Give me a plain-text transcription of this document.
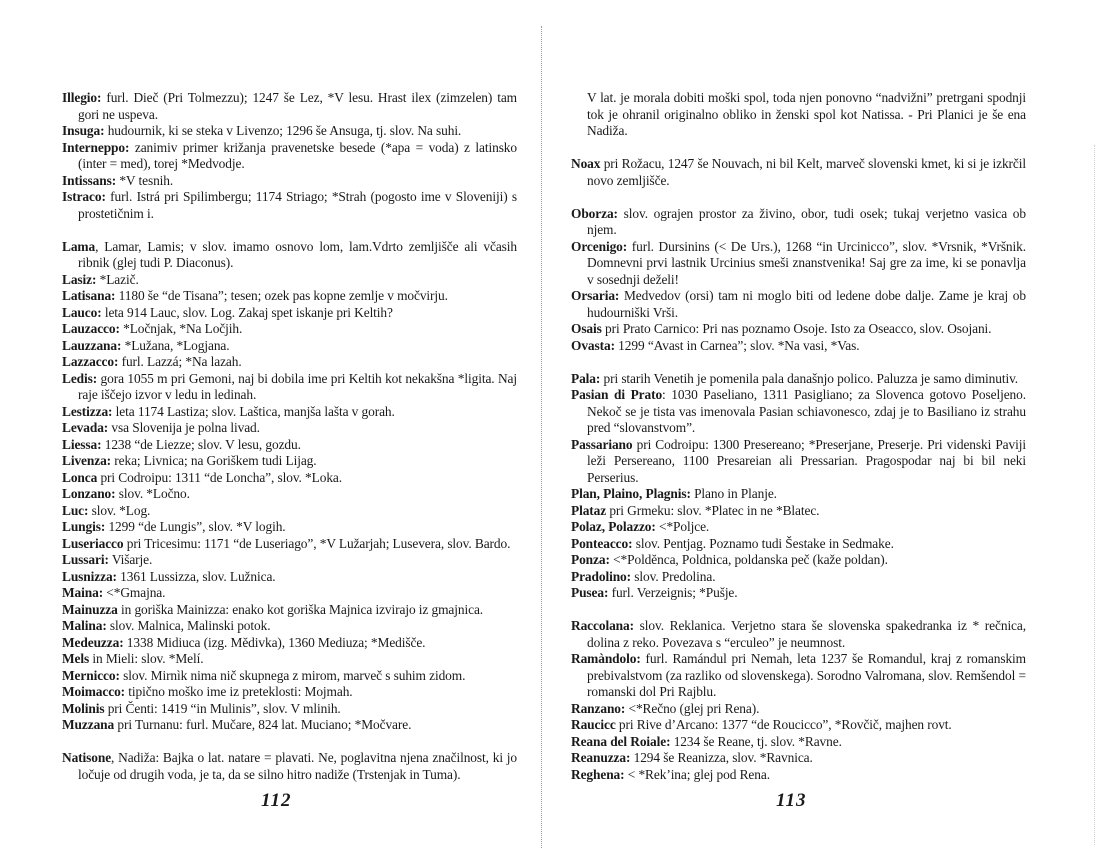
Illegio: furl. Dieč (Pri Tolmezzu); 1247 še Lez, *V lesu. Hrast ilex (zimzelen) tam gori ne uspeva.
Insuga: hudournik, ki se steka v Livenzo; 1296 še Ansuga, tj. slov. Na suhi.
Interneppo: zanimiv primer križanja pravenetske besede (*apa = voda) z latinsko (inter = med), torej *Medvodje.
Intissans: *V tesnih.
Istraco: furl. Istrá pri Spilimbergu; 1174 Striago; *Strah (pogosto ime v Sloveniji) s prostetičnim i.
Lama, Lamar, Lamis; v slov. imamo osnovo lom, lam.Vdrto zemljišče ali včasih ribnik (glej tudi P. Diaconus).
Lasiz: *Lazič.
Latisana: 1180 še “de Tisana”; tesen; ozek pas kopne zemlje v močvirju.
Lauco: leta 914 Lauc, slov. Log. Zakaj spet iskanje pri Keltih?
Lauzacco: *Ločnjak, *Na Ločjih.
Lauzzana: *Lužana, *Logjana.
Lazzacco: furl. Lazzá; *Na lazah.
Ledis: gora 1055 m pri Gemoni, naj bi dobila ime pri Keltih kot nekakšna *ligita. Naj raje iščejo izvor v ledu in ledinah.
Lestizza: leta 1174 Lastiza; slov. Laštica, manjša lašta v gorah.
Levada: vsa Slovenija je polna livad.
Liessa: 1238 “de Liezze; slov. V lesu, gozdu.
Livenza: reka; Livnica; na Goriškem tudi Lijag.
Lonca pri Codroipu: 1311 “de Loncha”, slov. *Loka.
Lonzano: slov. *Ločno.
Luc: slov. *Log.
Lungis: 1299 “de Lungis”, slov. *V logih.
Luseriacco pri Tricesimu: 1171 “de Luseriago”, *V Lužarjah; Lusevera, slov. Bardo.
Lussari: Višarje.
Lusnizza: 1361 Lussizza, slov. Lužnica.
Maina: <*Gmajna.
Mainuzza in goriška Mainizza: enako kot goriška Majnica izvirajo iz gmajnica.
Malina: slov. Malnica, Malinski potok.
Medeuzza: 1338 Midiuca (izg. Mĕdivka), 1360 Mediuza; *Medišče.
Mels in Mieli: slov. *Melí.
Mernicco: slov. Mirnìk nima nič skupnega z mirom, marveč s suhim zidom.
Moimacco: tipično moško ime iz preteklosti: Mojmah.
Molinis pri Čenti: 1419 “in Mulinis”, slov. V mlinih.
Muzzana pri Turnanu: furl. Mučare, 824 lat. Muciano; *Močvare.
Natisone, Nadiža: Bajka o lat. natare = plavati. Ne, poglavitna njena značilnost, ki jo ločuje od drugih voda, je ta, da se silno hitro nadiže (Trstenjak in Tuma).
112
V lat. je morala dobiti moški spol, toda njen ponovno “nadvižni” pretrgani spodnji tok je ohranil originalno obliko in ženski spol kot Natissa. - Pri Planici je še ena Nadiža.
Noax pri Rožacu, 1247 še Nouvach, ni bil Kelt, marveč slovenski kmet, ki si je izkrčil novo zemljišče.
Oborza: slov. ograjen prostor za živino, obor, tudi osek; tukaj verjetno vasica ob njem.
Orcenigo: furl. Dursinins (< De Urs.), 1268 “in Urcinicco”, slov. *Vrsnik, *Vršnik. Domnevni prvi lastnik Urcinius smeši znanstvenika! Saj gre za ime, ki se ponavlja v sosednji deželi!
Orsaria: Medvedov (orsi) tam ni moglo biti od ledene dobe dalje. Zame je kraj ob hudourniški Vrši.
Osais pri Prato Carnico: Pri nas poznamo Osoje. Isto za Oseacco, slov. Osojani.
Ovasta: 1299 “Avast in Carnea”; slov. *Na vasi, *Vas.
Pala: pri starih Venetih je pomenila pala današnjo polico. Paluzza je samo diminutiv.
Pasian di Prato: 1030 Paseliano, 1311 Pasigliano; za Slovenca gotovo Poseljeno. Nekoč se je tista vas imenovala Pasian schiavonesco, zdaj je to Basiliano iz strahu pred “slovanstvom”.
Passariano pri Codroipu: 1300 Presereano; *Preserjane, Preserje. Pri videnski Paviji leži Persereano, 1100 Presareian ali Pressarian. Pragospodar naj bi bil neki Perserius.
Plan, Plaino, Plagnis: Plano in Planje.
Plataz pri Grmeku: slov. *Platec in ne *Blatec.
Polaz, Polazzo: <*Poljce.
Ponteacco: slov. Pentjag. Poznamo tudi Šestake in Sedmake.
Ponza: <*Poldĕnca, Poldnica, poldanska peč (kaže poldan).
Pradolino: slov. Predolina.
Pusea: furl. Verzeignis; *Pušje.
Raccolana: slov. Reklanica. Verjetno stara še slovenska spakedranka iz * rečnica, dolina z reko. Povezava s “erculeo” je neumnost.
Ramàndolo: furl. Ramándul pri Nemah, leta 1237 še Romandul, kraj z romanskim prebivalstvom (za razliko od slovenskega). Sorodno Valromana, slov. Remšendol = romanski dol Pri Rajblu.
Ranzano: <*Rečno (glej pri Rena).
Raucicc pri Rive d’Arcano: 1377 “de Roucicco”, *Rovčič, majhen rovt.
Reana del Roiale: 1234 še Reane, tj. slov. *Ravne.
Reanuzza: 1294 še Reanizza, slov. *Ravnica.
Reghena: < *Rek’ina; glej pod Rena.
113
